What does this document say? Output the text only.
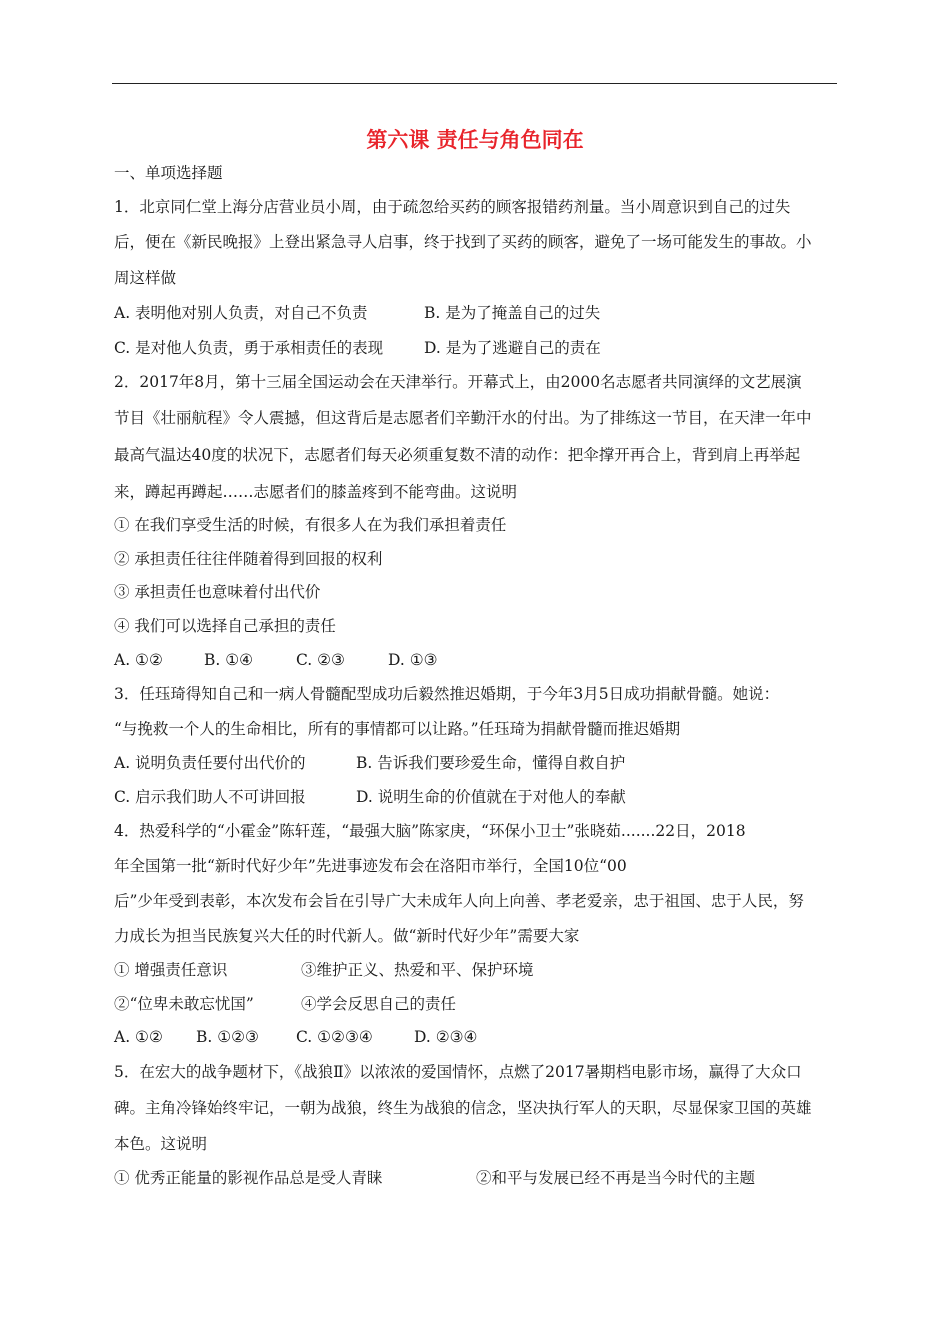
第六课 责任与角色同在
一、单项选择题
1．北京同仁堂上海分店营业员小周，由于疏忽给买药的顾客报错药剂量。当小周意识到自己的过失
后，便在《新民晚报》上登出紧急寻人启事，终于找到了买药的顾客，避免了一场可能发生的事故。小
周这样做
A. 表明他对别人负责，对自己不负责	B. 是为了掩盖自己的过失
C. 是对他人负责，勇于承相责任的表现	D. 是为了逃避自己的责在
2．2017年8月，第十三届全国运动会在天津举行。开幕式上，由2000名志愿者共同演绎的文艺展演
节目《壮丽航程》令人震撼，但这背后是志愿者们辛勤汗水的付出。为了排练这一节目，在天津一年中
最高气温达40度的状况下，志愿者们每天必须重复数不清的动作：把伞撑开再合上，背到肩上再举起
来，蹲起再蹲起……志愿者们的膝盖疼到不能弯曲。这说明
① 在我们享受生活的时候，有很多人在为我们承担着责任
② 承担责任往往伴随着得到回报的权利
③ 承担责任也意味着付出代价
④ 我们可以选择自己承担的责任
A. ①②	B. ①④	C. ②③	D. ①③
3．任珏琦得知自己和一病人骨髓配型成功后毅然推迟婚期，于今年3月5日成功捐献骨髓。她说：
“与挽救一个人的生命相比，所有的事情都可以让路。”任珏琦为捐献骨髓而推迟婚期
A. 说明负责任要付出代价的	B. 告诉我们要珍爱生命，懂得自救自护
C. 启示我们助人不可讲回报	D. 说明生命的价值就在于对他人的奉献
4．热爱科学的“小霍金”陈轩莲，“最强大脑”陈家庚，“环保小卫士”张晓茹.......22日，2018
年全国第一批“新时代好少年”先进事迹发布会在洛阳市举行，全国10位“00
后”少年受到表彰，本次发布会旨在引导广大未成年人向上向善、孝老爱亲，忠于祖国、忠于人民，努
力成长为担当民族复兴大任的时代新人。做“新时代好少年”需要大家
① 增强责任意识	③维护正义、热爱和平、保护环境
②“位卑未敢忘忧国”	④学会反思自己的责任
A. ①② B. ①②③ C. ①②③④	D. ②③④
5．在宏大的战争题材下，《战狼Ⅱ》以浓浓的爱国情怀，点燃了2017暑期档电影市场，赢得了大众口
碑。主角冷锋始终牢记，一朝为战狼，终生为战狼的信念，坚决执行军人的天职，尽显保家卫国的英雄
本色。这说明
① 优秀正能量的影视作品总是受人青睐	②和平与发展已经不再是当今时代的主题
